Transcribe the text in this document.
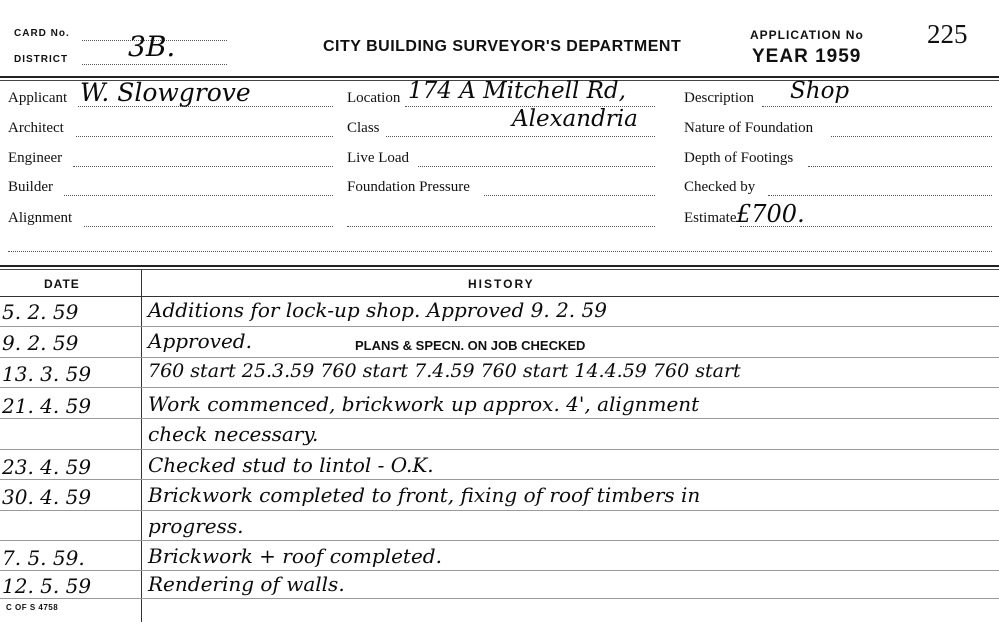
CARD No.
DISTRICT 3B.	CITY BUILDING SURVEYOR'S DEPARTMENT
APPLICATION No 225
YEAR 1959
Applicant W. Slowgrove
Architect
Engineer
Builder
Alignment
Location 174 A Mitchell Rd,
Class	Alexandria
Live Load
Foundation Pressure
Description Shop
Nature of Foundation
Depth of Footings
Checked by
Estimate £700.
DATE	HISTORY
5. 2. 59	Additions for lock-up shop. Approved 9. 2. 59
9. 2. 59	Approved.	PLANS & SPECN. ON JOB CHECKED
13. 3. 59	760 start 25.3.59 760 start 7.4.59 760 start 14.4.59 760 start
21. 4. 59	Work commenced, brickwork up approx. 4', alignment
check necessary.
23. 4. 59	Checked stud to lintol - O.K.
30. 4. 59	Brickwork completed to front, fixing of roof timbers in
progress.
7. 5. 59.	Brickwork + roof completed.
12. 5. 59	Rendering of walls.
C OF S 4758
